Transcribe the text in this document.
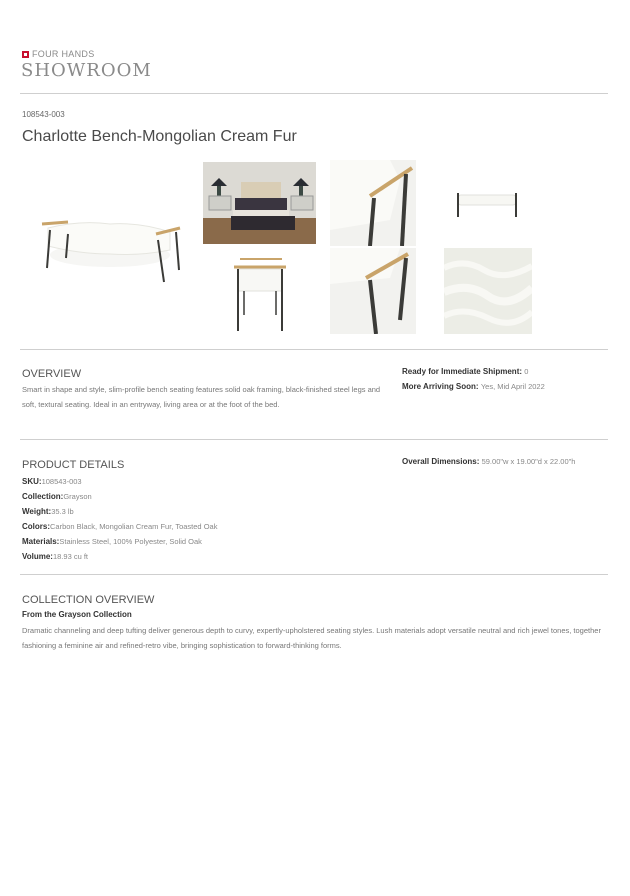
FOUR HANDS
SHOWROOM
108543-003
Charlotte Bench-Mongolian Cream Fur
OVERVIEW
Smart in shape and style, slim-profile bench seating features solid oak framing, black-finished steel legs and soft, textural seating. Ideal in an entryway, living area or at the foot of the bed.
Ready for Immediate Shipment: 0
More Arriving Soon: Yes, Mid April 2022
PRODUCT DETAILS
SKU:108543-003
Collection:Grayson
Weight:35.3 lb
Colors:Carbon Black, Mongolian Cream Fur, Toasted Oak
Materials:Stainless Steel, 100% Polyester, Solid Oak
Volume:18.93 cu ft
Overall Dimensions: 59.00"w x 19.00"d x 22.00"h
COLLECTION OVERVIEW
From the Grayson Collection
Dramatic channeling and deep tufting deliver generous depth to curvy, expertly-upholstered seating styles. Lush materials adopt versatile neutral and rich jewel tones, together fashioning a feminine air and refined-retro vibe, bringing sophistication to forward-thinking forms.
